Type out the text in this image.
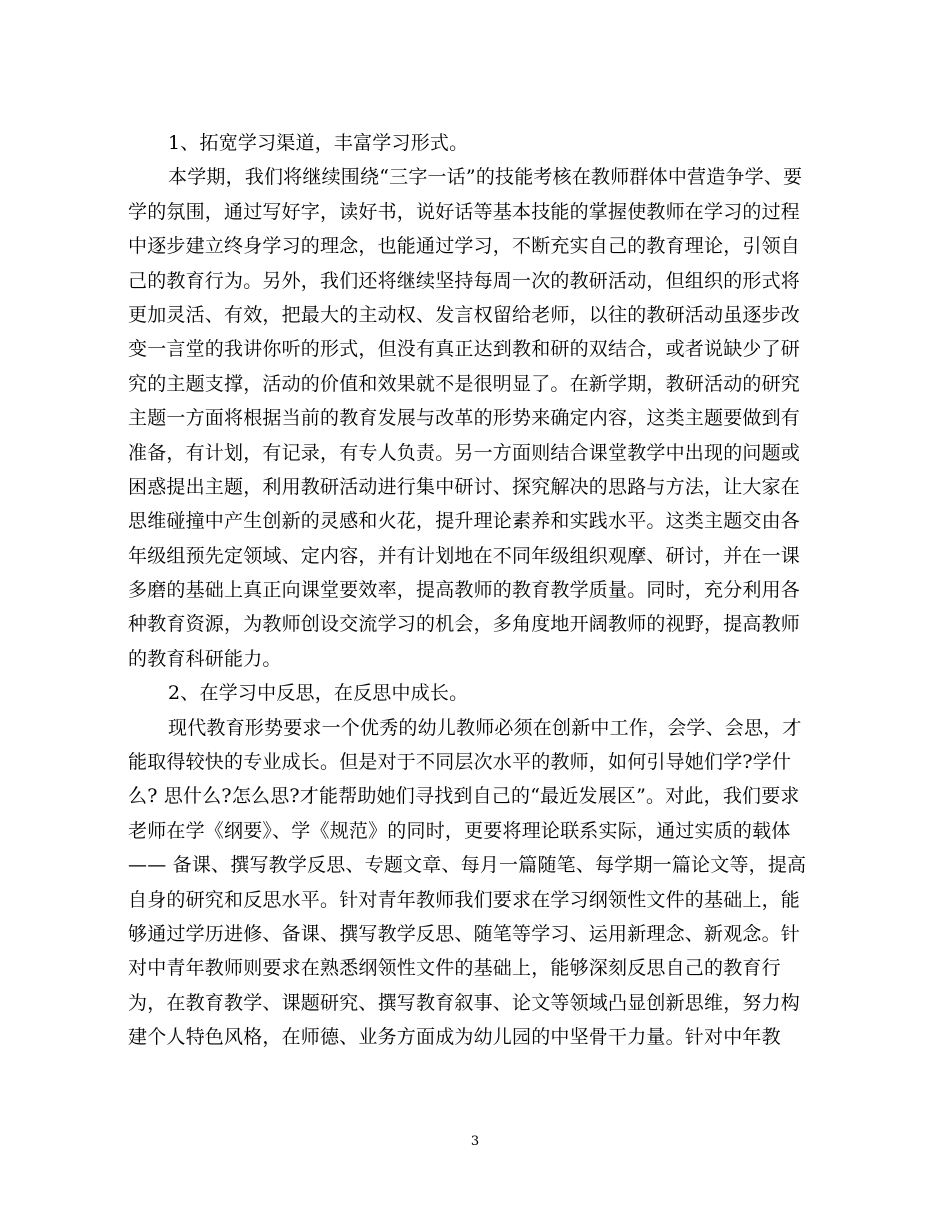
1、拓宽学习渠道，丰富学习形式。
本学期，我们将继续围绕“三字一话”的技能考核在教师群体中营造争学、要
学的氛围，通过写好字，读好书，说好话等基本技能的掌握使教师在学习的过程
中逐步建立终身学习的理念，也能通过学习，不断充实自己的教育理论，引领自
己的教育行为。另外，我们还将继续坚持每周一次的教研活动，但组织的形式将
更加灵活、有效，把最大的主动权、发言权留给老师，以往的教研活动虽逐步改
变一言堂的我讲你听的形式，但没有真正达到教和研的双结合，或者说缺少了研
究的主题支撑，活动的价值和效果就不是很明显了。在新学期，教研活动的研究
主题一方面将根据当前的教育发展与改革的形势来确定内容，这类主题要做到有
准备，有计划，有记录，有专人负责。另一方面则结合课堂教学中出现的问题或
困惑提出主题，利用教研活动进行集中研讨、探究解决的思路与方法，让大家在
思维碰撞中产生创新的灵感和火花，提升理论素养和实践水平。这类主题交由各
年级组预先定领域、定内容，并有计划地在不同年级组织观摩、研讨，并在一课
多磨的基础上真正向课堂要效率，提高教师的教育教学质量。同时，充分利用各
种教育资源，为教师创设交流学习的机会，多角度地开阔教师的视野，提高教师
的教育科研能力。
2、在学习中反思，在反思中成长。
现代教育形势要求一个优秀的幼儿教师必须在创新中工作，会学、会思，才
能取得较快的专业成长。但是对于不同层次水平的教师，如何引导她们学?学什
么? 思什么?怎么思?才能帮助她们寻找到自己的“最近发展区”。对此，我们要求
老师在学《纲要》、学《规范》的同时，更要将理论联系实际，通过实质的载体
—— 备课、撰写教学反思、专题文章、每月一篇随笔、每学期一篇论文等，提高
自身的研究和反思水平。针对青年教师我们要求在学习纲领性文件的基础上，能
够通过学历进修、备课、撰写教学反思、随笔等学习、运用新理念、新观念。针
对中青年教师则要求在熟悉纲领性文件的基础上，能够深刻反思自己的教育行
为，在教育教学、课题研究、撰写教育叙事、论文等领域凸显创新思维，努力构
建个人特色风格，在师德、业务方面成为幼儿园的中坚骨干力量。针对中年教
3
